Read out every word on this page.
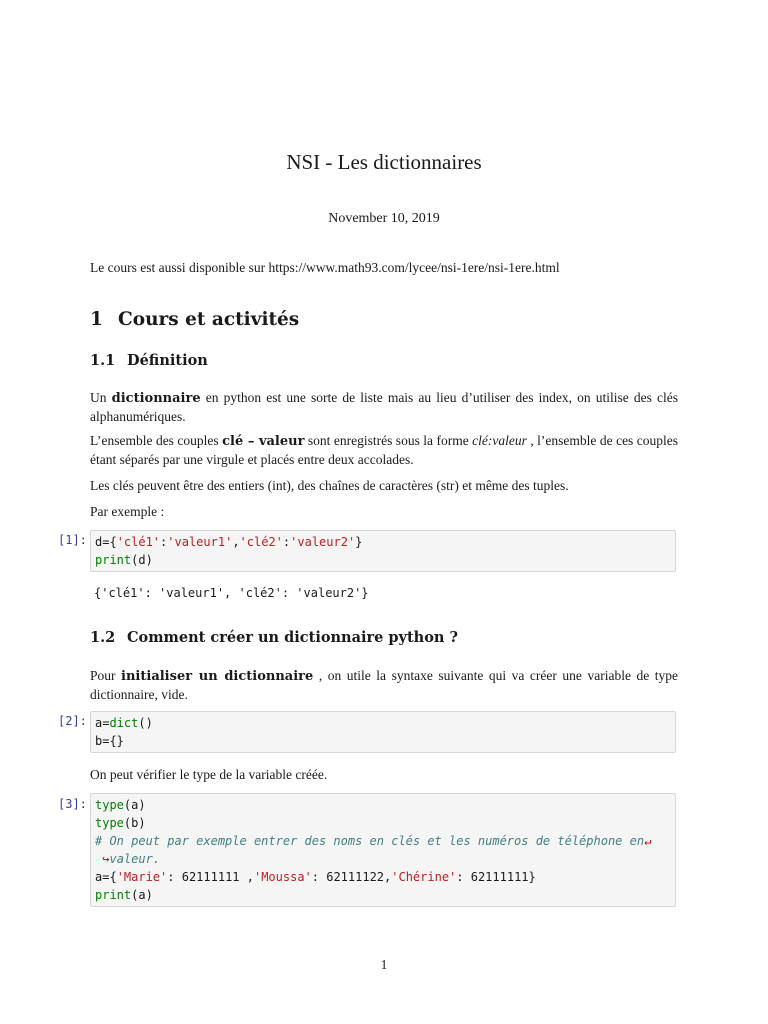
NSI - Les dictionnaires
November 10, 2019

Le cours est aussi disponible sur https://www.math93.com/lycee/nsi-1ere/nsi-1ere.html

1 Cours et activités
1.1 Définition

Un dictionnaire en python est une sorte de liste mais au lieu d’utiliser des index, on utilise des clés alphanumériques.

L’ensemble des couples clé – valeur sont enregistrés sous la forme clé:valeur , l’ensemble de ces couples étant séparés par une virgule et placés entre deux accolades.

Les clés peuvent être des entiers (int), des chaînes de caractères (str) et même des tuples.

Par exemple :

[1]: d={'clé1':'valeur1','clé2':'valeur2'}
print(d)
{'clé1': 'valeur1', 'clé2': 'valeur2'}
1.2 Comment créer un dictionnaire python ?

Pour initialiser un dictionnaire , on utile la syntaxe suivante qui va créer une variable de type dictionnaire, vide.

[2]: a=dict()
b={}

On peut vérifier le type de la variable créée.

[3]: type(a)
type(b)
# On peut par exemple entrer des noms en clés et les numéros de téléphone en↵
↪valeur.
a={'Marie': 62111111 ,'Moussa': 62111122,'Chérine': 62111111}
print(a)
1
